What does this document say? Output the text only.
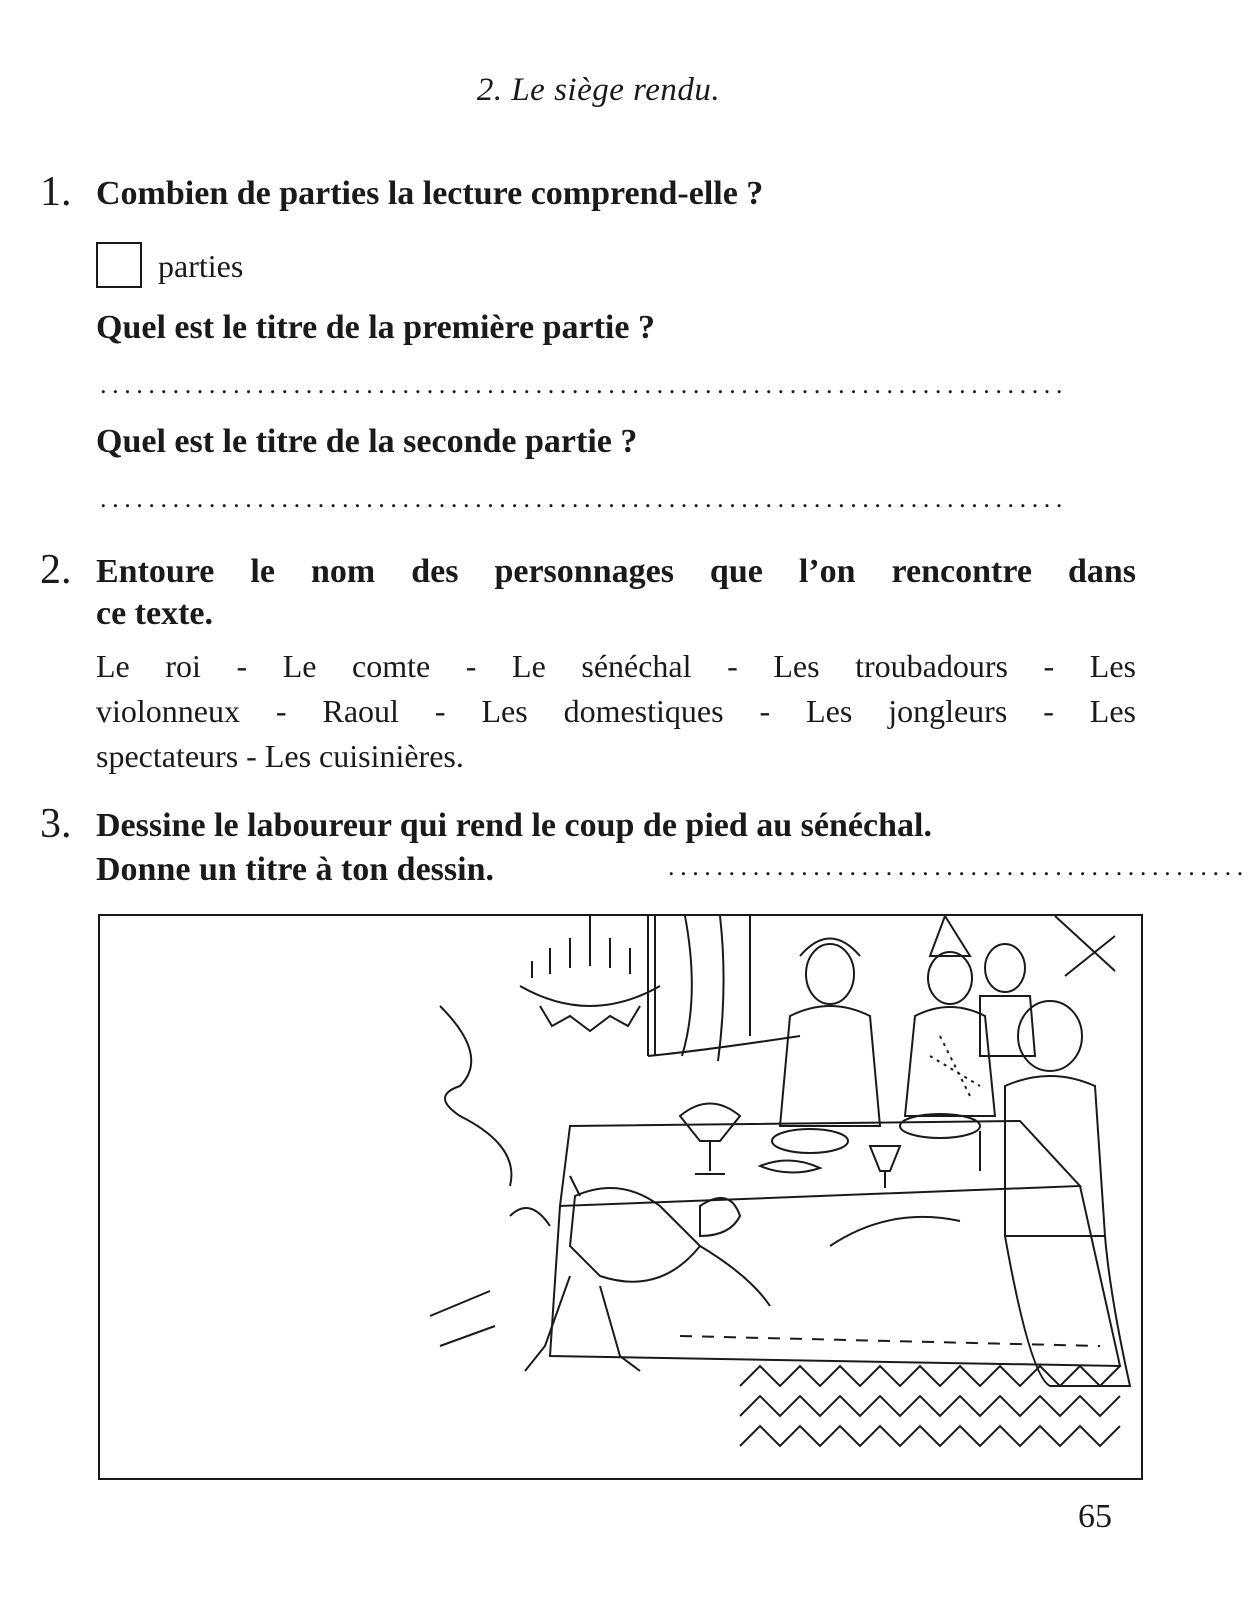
2. Le siège rendu.
1. Combien de parties la lecture comprend-elle ?
parties
Quel est le titre de la première partie ?
................................................................................
Quel est le titre de la seconde partie ?
................................................................................
2. Entoure le nom des personnages que l’on rencontre dans
ce texte.
Le roi - Le comte - Le sénéchal - Les troubadours - Les
violonneux - Raoul - Les domestiques - Les jongleurs - Les
spectateurs - Les cuisinières.
3. Dessine le laboureur qui rend le coup de pied au sénéchal.
Donne un titre à ton dessin.	................................................
65
